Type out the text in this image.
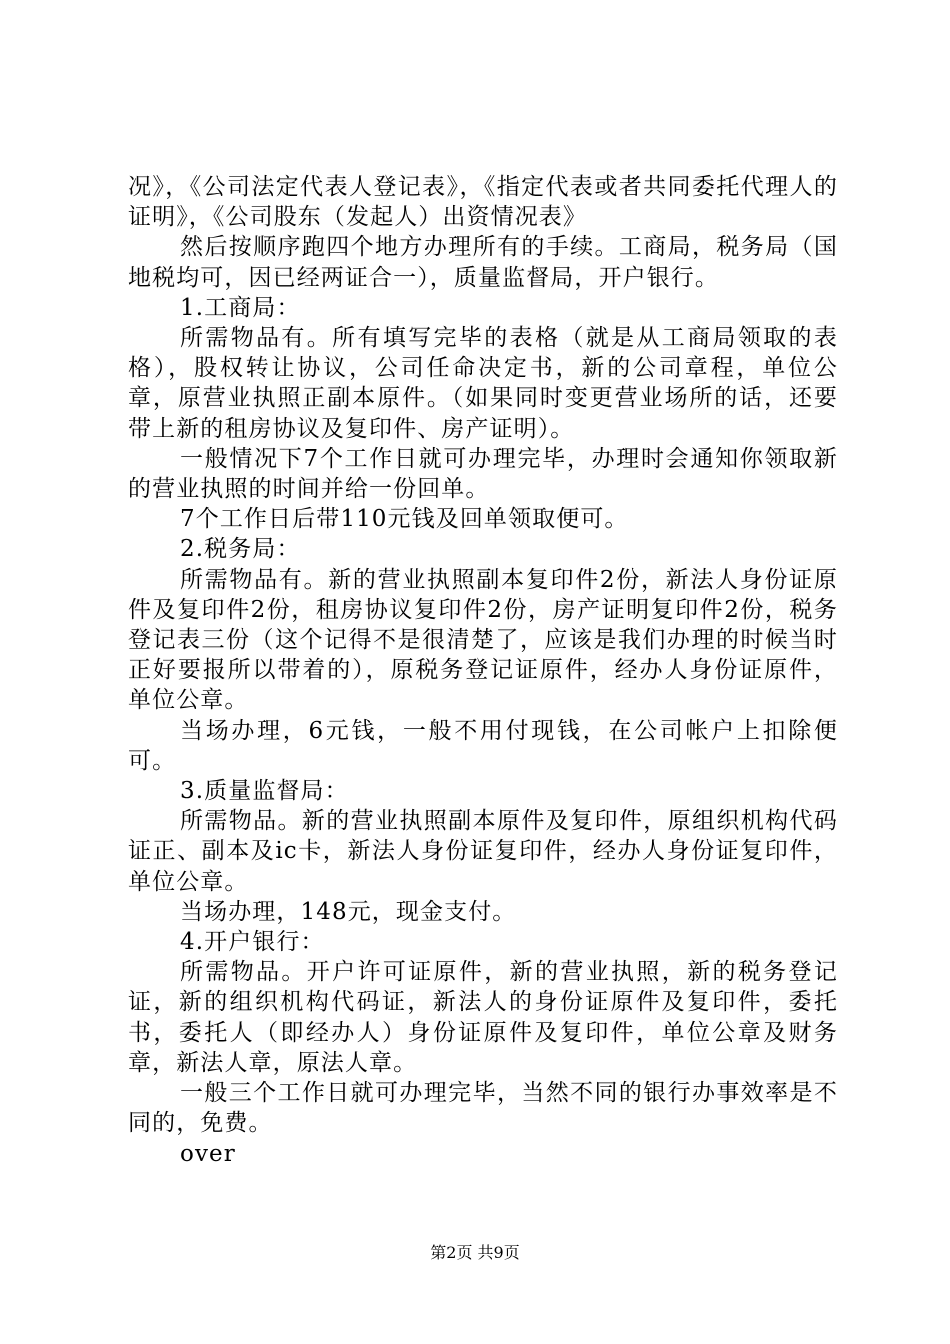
况》，《公司法定代表人登记表》，《指定代表或者共同委托代理人的证明》，《公司股东（发起人）出资情况表》

然后按顺序跑四个地方办理所有的手续。工商局，税务局（国地税均可，因已经两证合一），质量监督局，开户银行。

1.工商局：

所需物品有。所有填写完毕的表格（就是从工商局领取的表格），股权转让协议，公司任命决定书，新的公司章程，单位公章，原营业执照正副本原件。（如果同时变更营业场所的话，还要带上新的租房协议及复印件、房产证明）。

一般情况下7个工作日就可办理完毕，办理时会通知你领取新的营业执照的时间并给一份回单。

7个工作日后带110元钱及回单领取便可。

2.税务局：

所需物品有。新的营业执照副本复印件2份，新法人身份证原件及复印件2份，租房协议复印件2份，房产证明复印件2份，税务登记表三份（这个记得不是很清楚了，应该是我们办理的时候当时正好要报所以带着的），原税务登记证原件，经办人身份证原件，单位公章。

当场办理，6元钱，一般不用付现钱，在公司帐户上扣除便可。

3.质量监督局：

所需物品。新的营业执照副本原件及复印件，原组织机构代码证正、副本及ic卡，新法人身份证复印件，经办人身份证复印件，单位公章。

当场办理，148元，现金支付。

4.开户银行：

所需物品。开户许可证原件，新的营业执照，新的税务登记证，新的组织机构代码证，新法人的身份证原件及复印件，委托书，委托人（即经办人）身份证原件及复印件，单位公章及财务章，新法人章，原法人章。

一般三个工作日就可办理完毕，当然不同的银行办事效率是不同的，免费。

over

第2页 共9页
